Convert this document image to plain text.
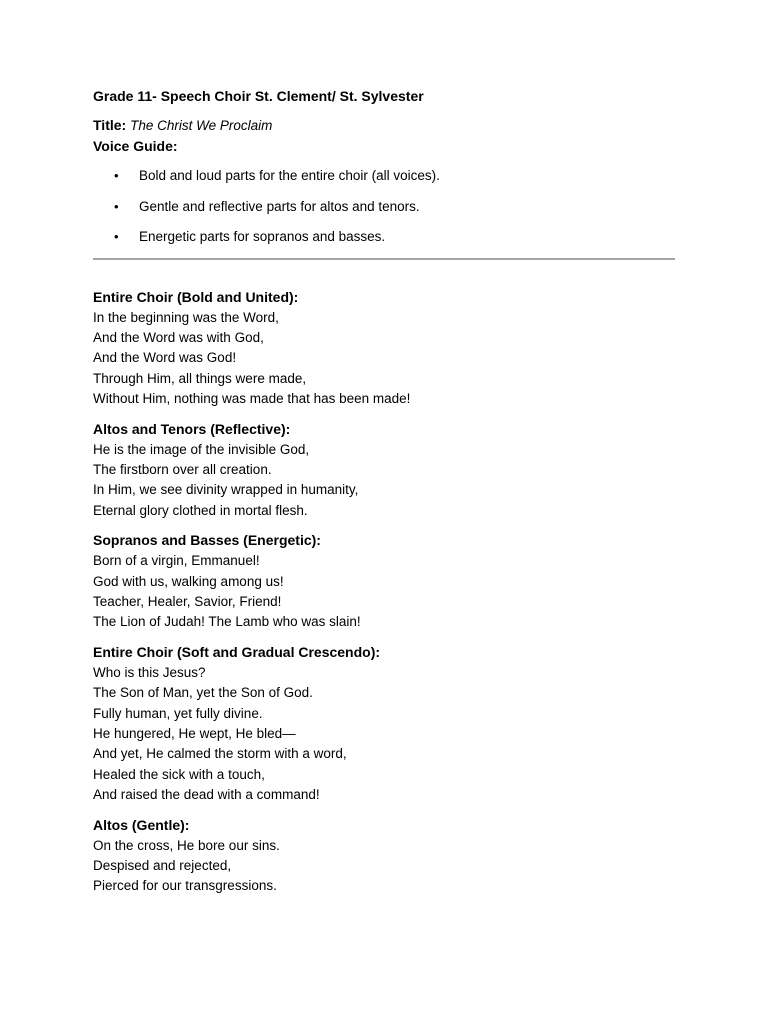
Grade 11- Speech Choir St. Clement/ St. Sylvester

Title: The Christ We Proclaim

Voice Guide:

• Bold and loud parts for the entire choir (all voices).
• Gentle and reflective parts for altos and tenors.
• Energetic parts for sopranos and basses.

Entire Choir (Bold and United):

In the beginning was the Word,

And the Word was with God,

And the Word was God!

Through Him, all things were made,

Without Him, nothing was made that has been made!

Altos and Tenors (Reflective):

He is the image of the invisible God,

The firstborn over all creation.

In Him, we see divinity wrapped in humanity,

Eternal glory clothed in mortal flesh.

Sopranos and Basses (Energetic):

Born of a virgin, Emmanuel!

God with us, walking among us!

Teacher, Healer, Savior, Friend!

The Lion of Judah! The Lamb who was slain!

Entire Choir (Soft and Gradual Crescendo):

Who is this Jesus?

The Son of Man, yet the Son of God.

Fully human, yet fully divine.

He hungered, He wept, He bled—

And yet, He calmed the storm with a word,

Healed the sick with a touch,

And raised the dead with a command!

Altos (Gentle):

On the cross, He bore our sins.

Despised and rejected,

Pierced for our transgressions.
